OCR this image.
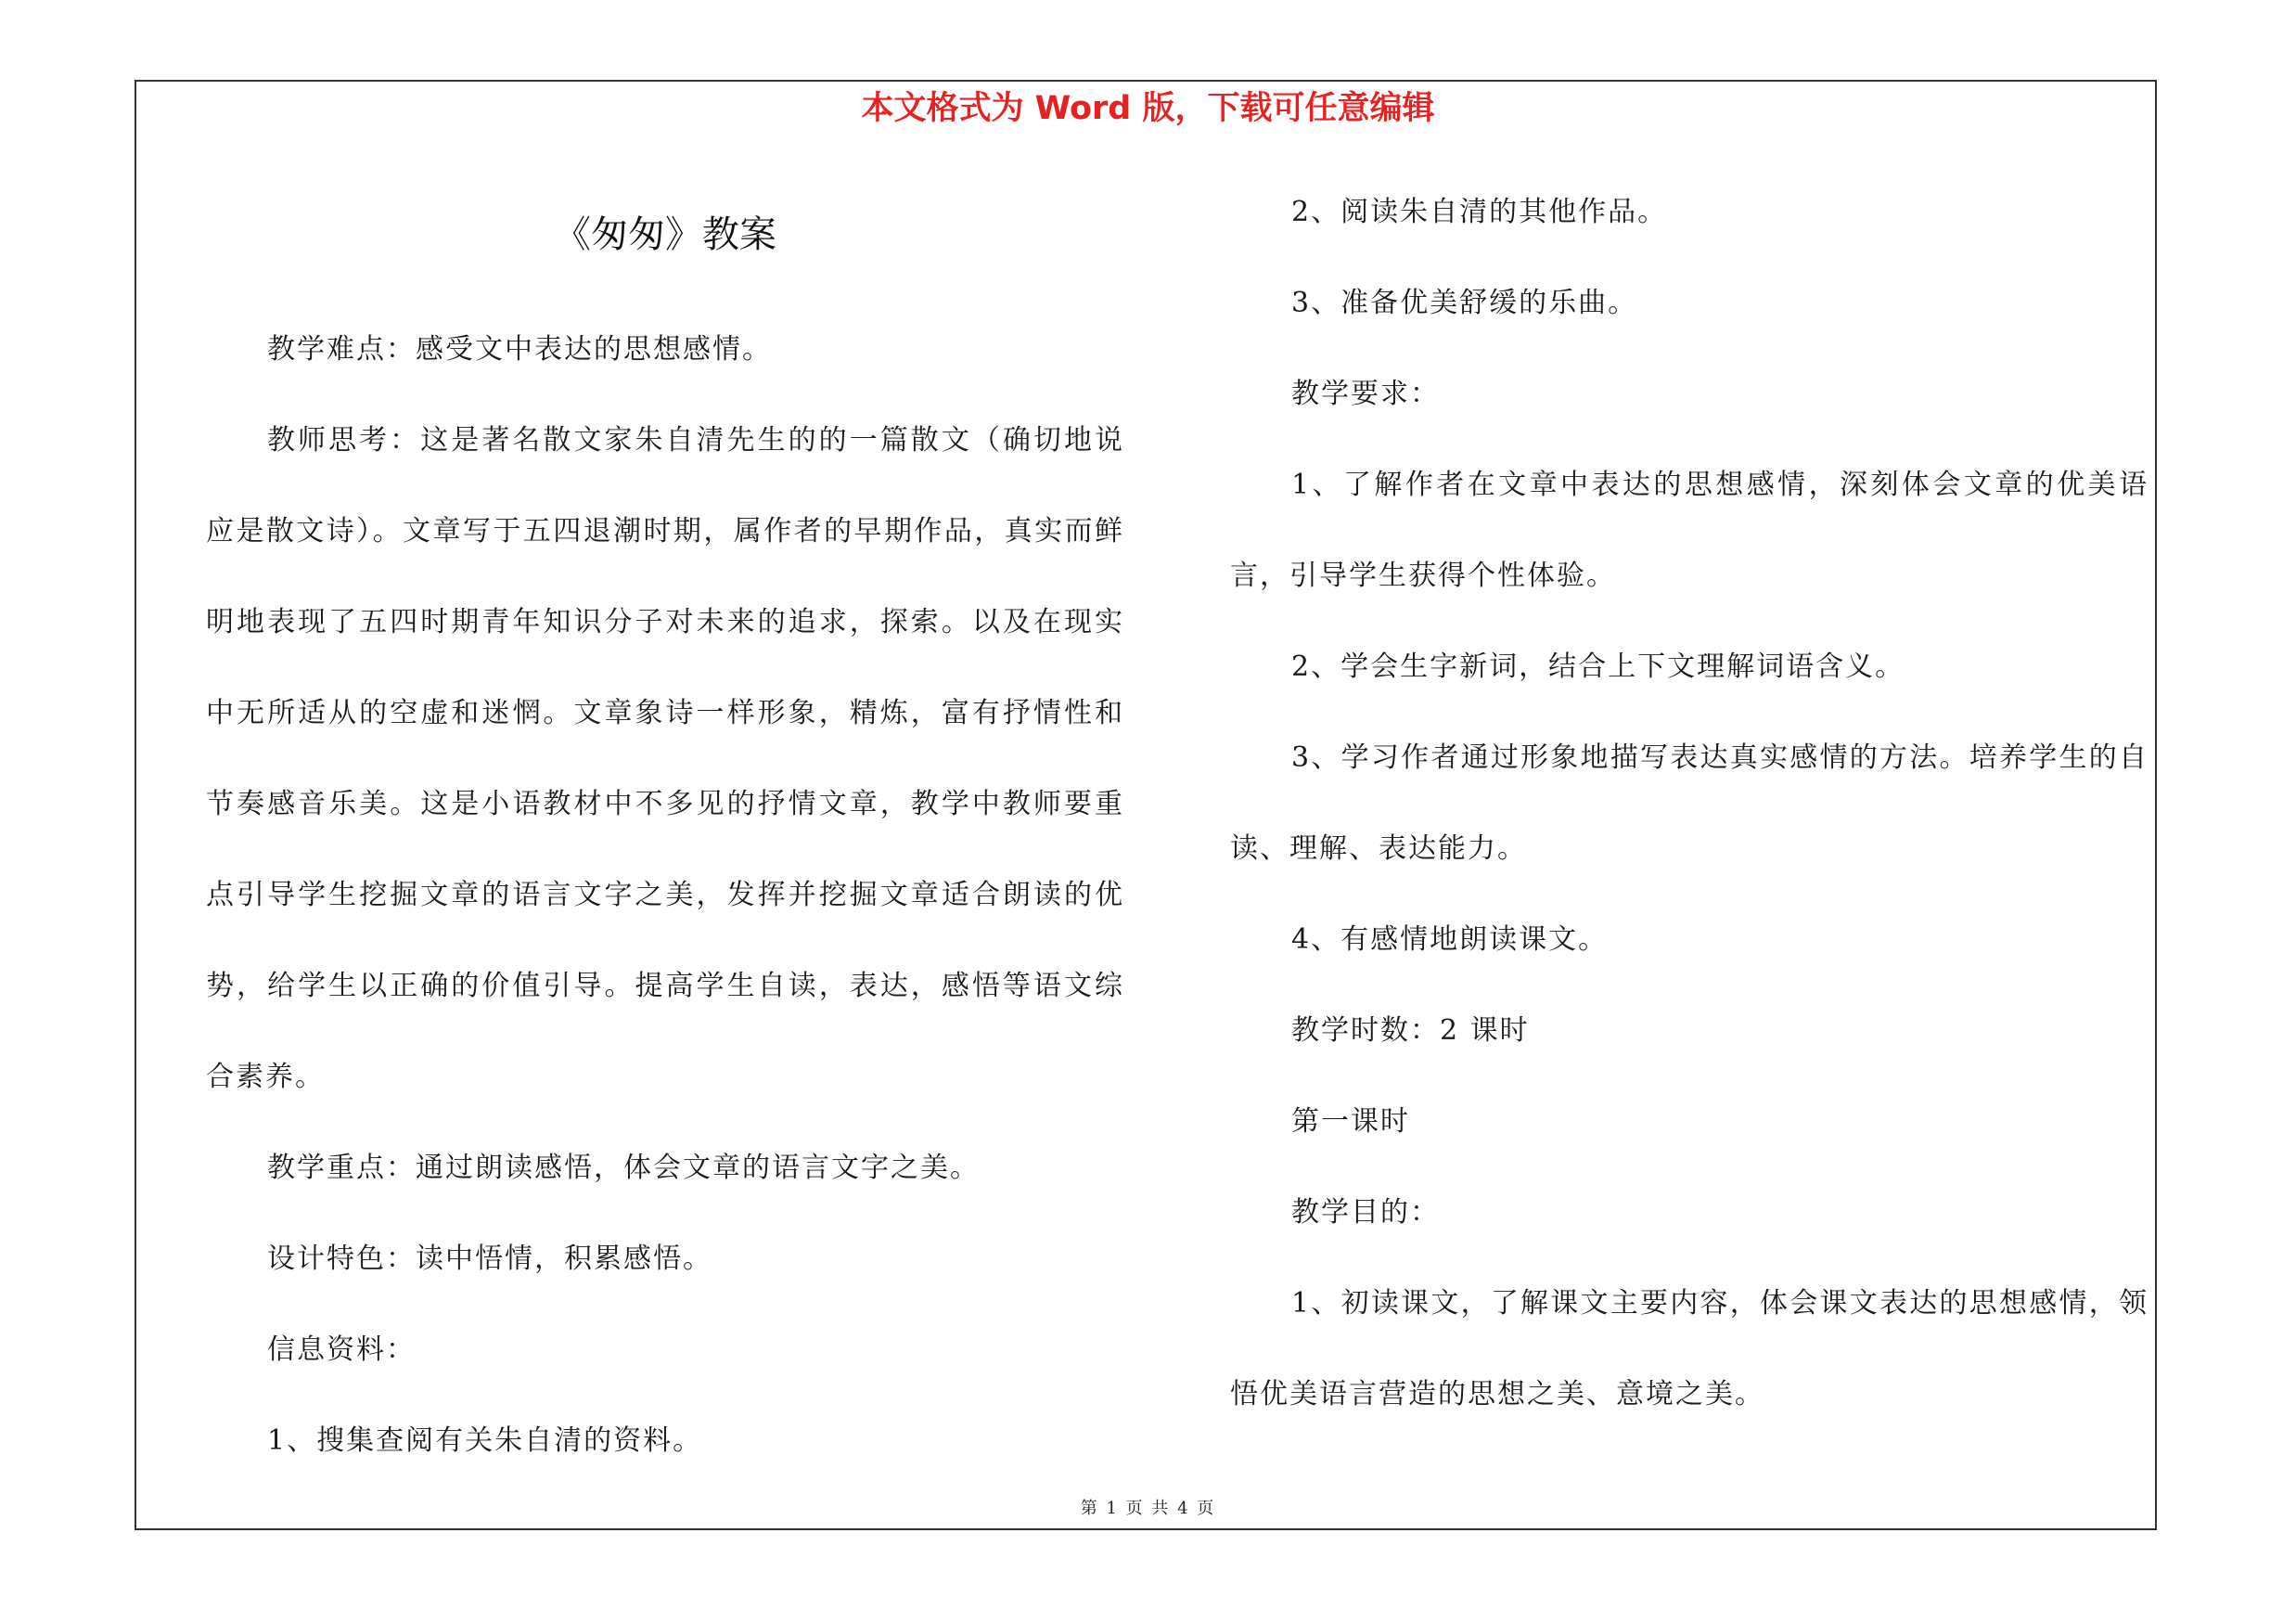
本文格式为 Word 版，下载可任意编辑
《匆匆》教案

教学难点：感受文中表达的思想感情。

教师思考：这是著名散文家朱自清先生的的一篇散文（确切地说应是散文诗）。文章写于五四退潮时期，属作者的早期作品，真实而鲜明地表现了五四时期青年知识分子对未来的追求，探索。以及在现实中无所适从的空虚和迷惘。文章象诗一样形象，精炼，富有抒情性和节奏感音乐美。这是小语教材中不多见的抒情文章，教学中教师要重点引导学生挖掘文章的语言文字之美，发挥并挖掘文章适合朗读的优势，给学生以正确的价值引导。提高学生自读，表达，感悟等语文综合素养。

教学重点：通过朗读感悟，体会文章的语言文字之美。

设计特色：读中悟情，积累感悟。

信息资料：

1、搜集查阅有关朱自清的资料。

2、阅读朱自清的其他作品。

3、准备优美舒缓的乐曲。

教学要求：

1、了解作者在文章中表达的思想感情，深刻体会文章的优美语言，引导学生获得个性体验。

2、学会生字新词，结合上下文理解词语含义。

3、学习作者通过形象地描写表达真实感情的方法。培养学生的自读、理解、表达能力。

4、有感情地朗读课文。

教学时数：2 课时

第一课时

教学目的：

1、初读课文，了解课文主要内容，体会课文表达的思想感情，领悟优美语言营造的思想之美、意境之美。

第 1 页 共 4 页
